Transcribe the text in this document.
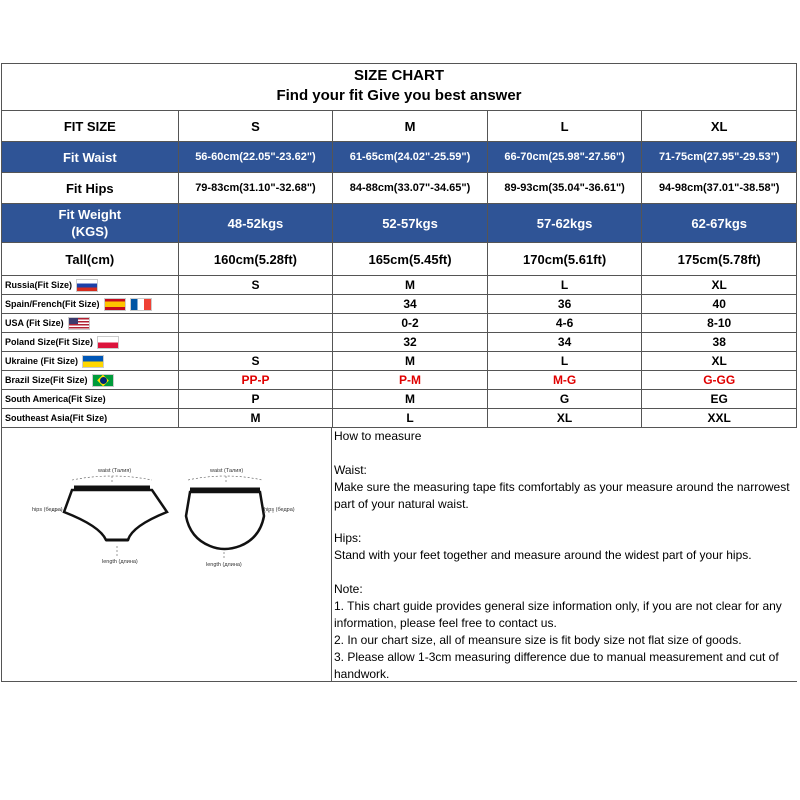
SIZE CHART
Find your fit Give you best answer
FIT SIZE	S	M	L	XL
Fit Waist	56-60cm(22.05"-23.62")	61-65cm(24.02"-25.59")	66-70cm(25.98"-27.56")	71-75cm(27.95"-29.53")
Fit Hips	79-83cm(31.10"-32.68")	84-88cm(33.07"-34.65")	89-93cm(35.04"-36.61")	94-98cm(37.01"-38.58")

Fit Weight
(KGS)	48-52kgs	52-57kgs	57-62kgs	62-67kgs
Tall(cm)	160cm(5.28ft)	165cm(5.45ft)	170cm(5.61ft)	175cm(5.78ft)
Russia(Fit Size)	S	M	L	XL
Spain/French(Fit Size)		34	36	40
USA (Fit Size)		0-2	4-6	8-10
Poland Size(Fit Size)		32	34	38
Ukraine (Fit Size)	S	M	L	XL
Brazil Size(Fit Size)	PP-P	P-M	M-G	G-GG
South America(Fit Size)	P	M	G	EG
Southeast Asia(Fit Size)	M	L	XL	XXL
waist (Талия)	waist (Талия)
hips (бедра)	hips (бедра)
length (длина)	length (длина)

How to measure

Waist:

Make sure the measuring tape fits comfortably as your measure around the narrowest part of your natural waist.

Hips:

Stand with your feet together and measure around the widest part of your hips.

Note:

1. This chart guide provides general size information only, if you are not clear for any information, please feel free to contact us.

2. In our chart size, all of meansure size is fit body size not flat size of goods.

3. Please allow 1-3cm measuring difference due to manual measurement and cut of handwork.
